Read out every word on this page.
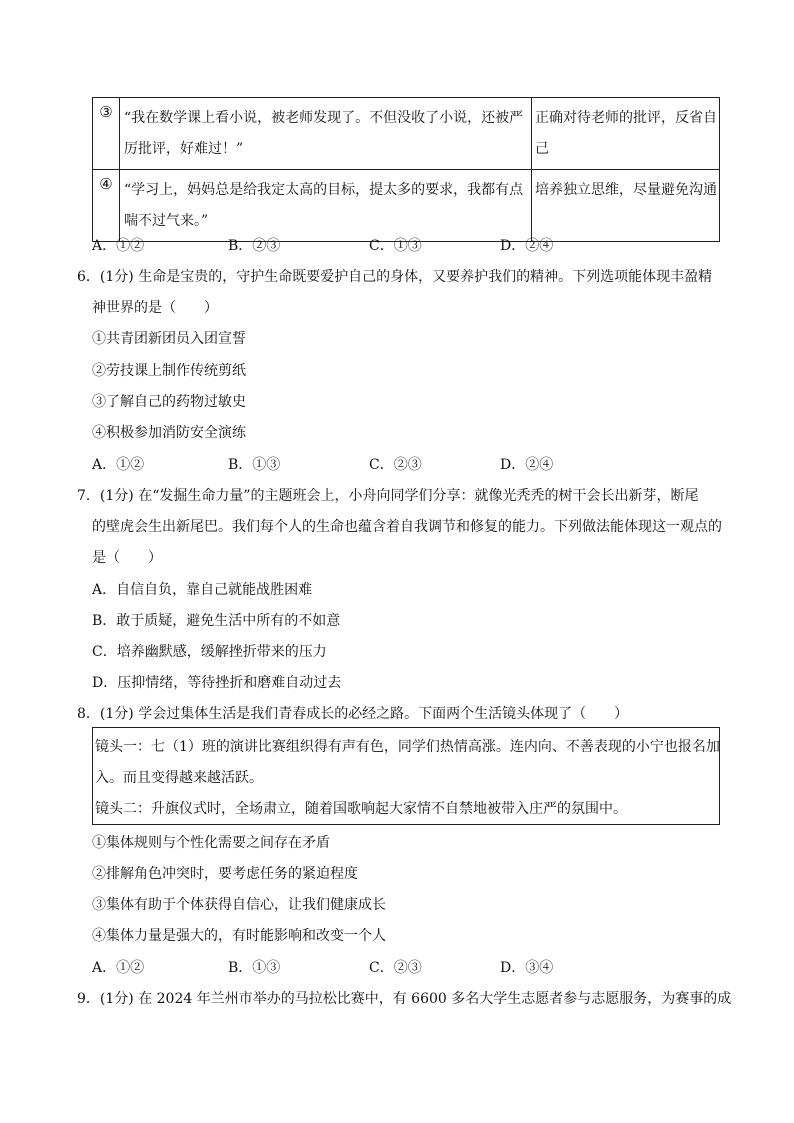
③	“我在数学课上看小说，被老师发现了。不但没收了小说，还被严
厉批评，好难过！”	正确对待老师的批评，反省自己

④	“学习上，妈妈总是给我定太高的目标，提太多的要求，我都有点
喘不过气来。”	培养独立思维，尽量避免沟通
A．①②	B．②③	C．①③	D．②④
6．(1分) 生命是宝贵的，守护生命既要爱护自己的身体，又要养护我们的精神。下列选项能体现丰盈精
神世界的是（　　）
①共青团新团员入团宣誓
②劳技课上制作传统剪纸
③了解自己的药物过敏史
④积极参加消防安全演练
A．①②	B．①③	C．②③	D．②④
7．(1分) 在“发掘生命力量”的主题班会上，小舟向同学们分享：就像光秃秃的树干会长出新芽，断尾
的壁虎会生出新尾巴。我们每个人的生命也蕴含着自我调节和修复的能力。下列做法能体现这一观点的
是（　　）
A．自信自负，靠自己就能战胜困难
B．敢于质疑，避免生活中所有的不如意
C．培养幽默感，缓解挫折带来的压力
D．压抑情绪，等待挫折和磨难自动过去
8．(1分) 学会过集体生活是我们青春成长的必经之路。下面两个生活镜头体现了（　　）
镜头一：七（1）班的演讲比赛组织得有声有色，同学们热情高涨。连内向、不善表现的小宁也报名加
入。而且变得越来越活跃。
镜头二：升旗仪式时，全场肃立，随着国歌响起大家情不自禁地被带入庄严的氛围中。
①集体规则与个性化需要之间存在矛盾
②排解角色冲突时，要考虑任务的紧迫程度
③集体有助于个体获得自信心，让我们健康成长
④集体力量是强大的，有时能影响和改变一个人
A．①②	B．①③	C．②③	D．③④
9．(1分) 在 2024 年兰州市举办的马拉松比赛中，有 6600 多名大学生志愿者参与志愿服务，为赛事的成
